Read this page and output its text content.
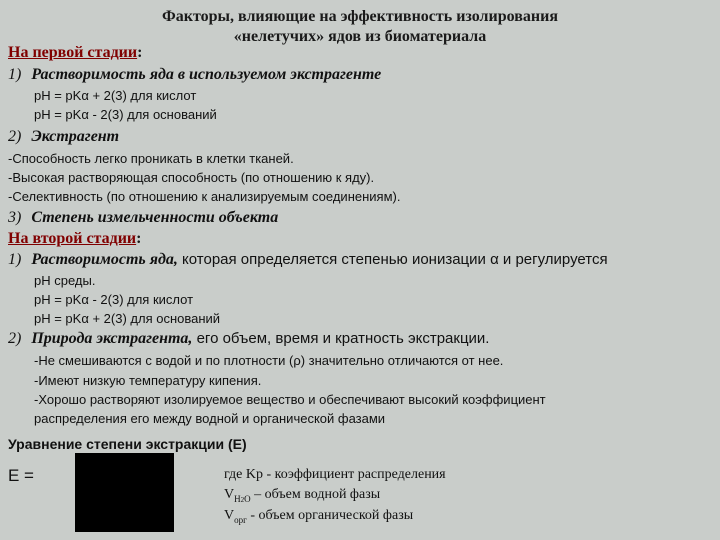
Факторы, влияющие на эффективность изолирования
«нелетучих» ядов из биоматериала
На первой стадии:
1) Растворимость яда в используемом экстрагенте
pH = pKα + 2(3) для кислот
pH = pKα - 2(3) для оснований
2) Экстрагент
-Способность легко проникать в клетки тканей.
-Высокая растворяющая способность (по отношению к яду).
-Селективность (по отношению к анализируемым соединениям).
3) Степень измельченности объекта
На второй стадии:
1) Растворимость яда, которая определяется степенью ионизации α и регулируется
pH среды.
pH = pKα - 2(3) для кислот
pH = pKα + 2(3) для оснований
2) Природа экстрагента, его объем, время и кратность экстракции.
-Не смешиваются с водой и по плотности (ρ) значительно отличаются от нее.
-Имеют низкую температуру кипения.
-Хорошо растворяют изолируемое вещество и обеспечивают высокий коэффициент
распределения его между водной и органической фазами
Уравнение степени экстракции (E)
E =	где Kр - коэффициент распределения
$V_{H2O}$ – объем водной фазы
$V_{орг}$ - объем органической фазы
